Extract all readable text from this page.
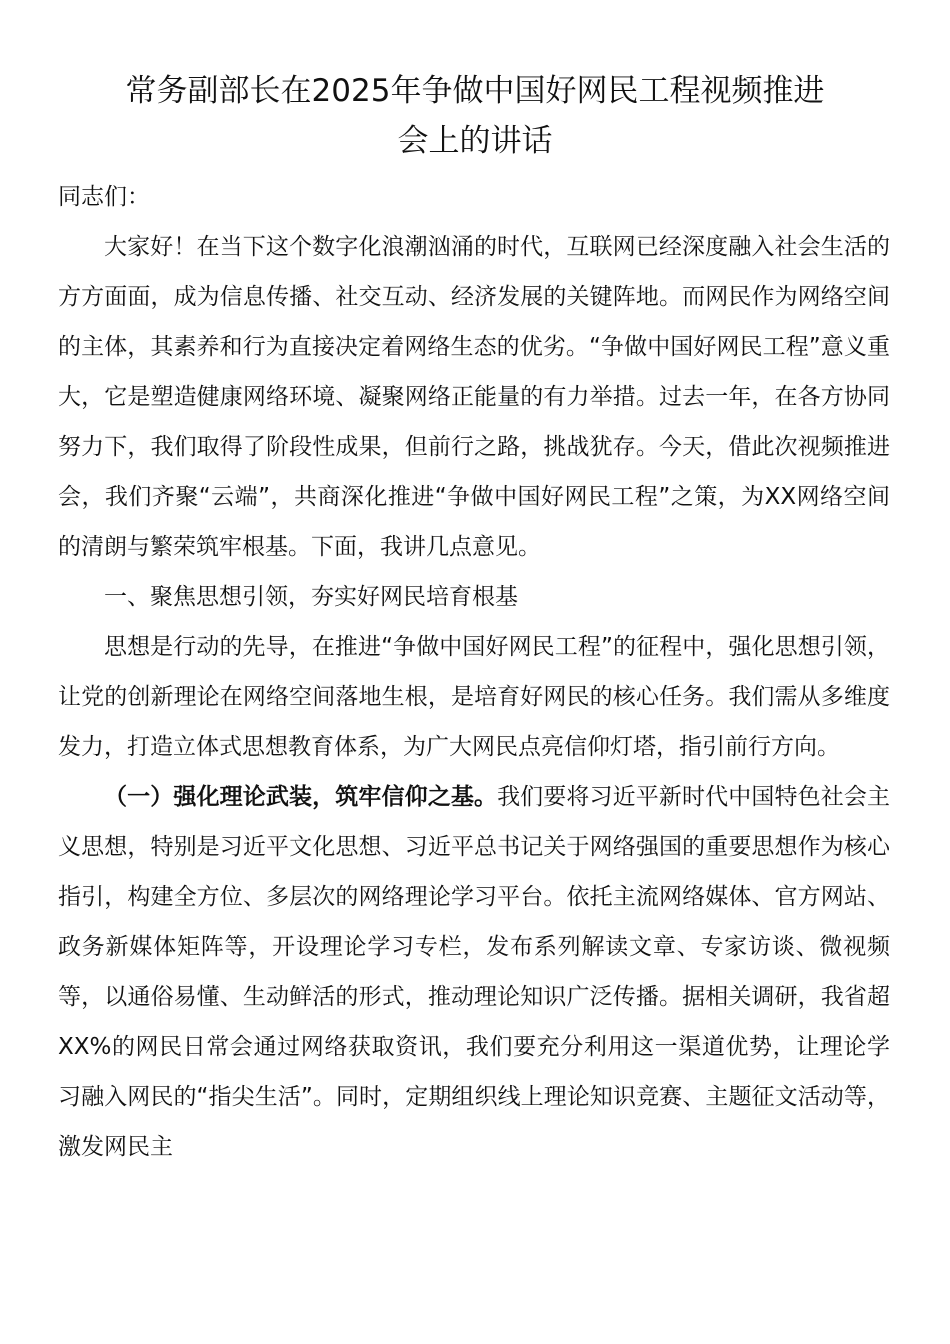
常务副部长在2025年争做中国好网民工程视频推进
会上的讲话

同志们：

大家好！在当下这个数字化浪潮汹涌的时代，互联网已经深度融入社会生活的方方面面，成为信息传播、社交互动、经济发展的关键阵地。而网民作为网络空间的主体，其素养和行为直接决定着网络生态的优劣。“争做中国好网民工程”意义重大，它是塑造健康网络环境、凝聚网络正能量的有力举措。过去一年，在各方协同努力下，我们取得了阶段性成果，但前行之路，挑战犹存。今天，借此次视频推进会，我们齐聚“云端”，共商深化推进“争做中国好网民工程”之策，为XX网络空间的清朗与繁荣筑牢根基。下面，我讲几点意见。

一、聚焦思想引领，夯实好网民培育根基

思想是行动的先导，在推进“争做中国好网民工程”的征程中，强化思想引领，让党的创新理论在网络空间落地生根，是培育好网民的核心任务。我们需从多维度发力，打造立体式思想教育体系，为广大网民点亮信仰灯塔，指引前行方向。

（一）强化理论武装，筑牢信仰之基。我们要将习近平新时代中国特色社会主义思想，特别是习近平文化思想、习近平总书记关于网络强国的重要思想作为核心指引，构建全方位、多层次的网络理论学习平台。依托主流网络媒体、官方网站、政务新媒体矩阵等，开设理论学习专栏，发布系列解读文章、专家访谈、微视频等，以通俗易懂、生动鲜活的形式，推动理论知识广泛传播。据相关调研，我省超XX%的网民日常会通过网络获取资讯，我们要充分利用这一渠道优势，让理论学习融入网民的“指尖生活”。同时，定期组织线上理论知识竞赛、主题征文活动等，激发网民主
